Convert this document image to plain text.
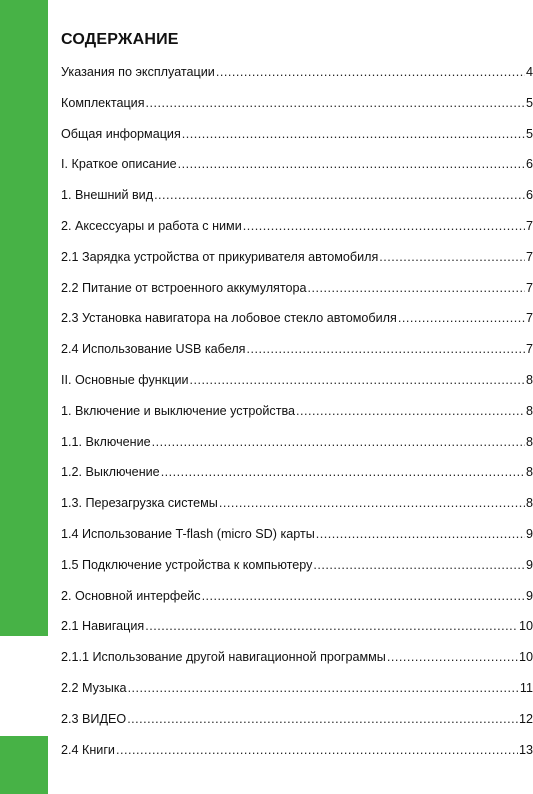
СОДЕРЖАНИЕ
Указания по эксплуатации .....	4
Комплектация .....	5
Общая информация .....	5
I. Краткое описание .....	6
1. Внешний вид .....	6
2. Аксессуары и работа с ними .....	7
2.1 Зарядка устройства от прикуривателя автомобиля .....	7
2.2 Питание от встроенного аккумулятора .....	7
2.3 Установка навигатора на лобовое стекло автомобиля .....	7
2.4 Использование USB кабеля .....	7
II. Основные функции .....	8
1. Включение и выключение устройства .....	8
1.1. Включение .....	8
1.2. Выключение .....	8
1.3. Перезагрузка системы .....	8
1.4 Использование T-flash (micro SD) карты .....	9
1.5 Подключение устройства к компьютеру .....	9
2. Основной интерфейс .....	9
2.1 Навигация .....	10
2.1.1 Использование другой навигационной программы .....	10
2.2 Музыка .....	11
2.3 ВИДЕО .....	12
2.4 Книги .....	13
